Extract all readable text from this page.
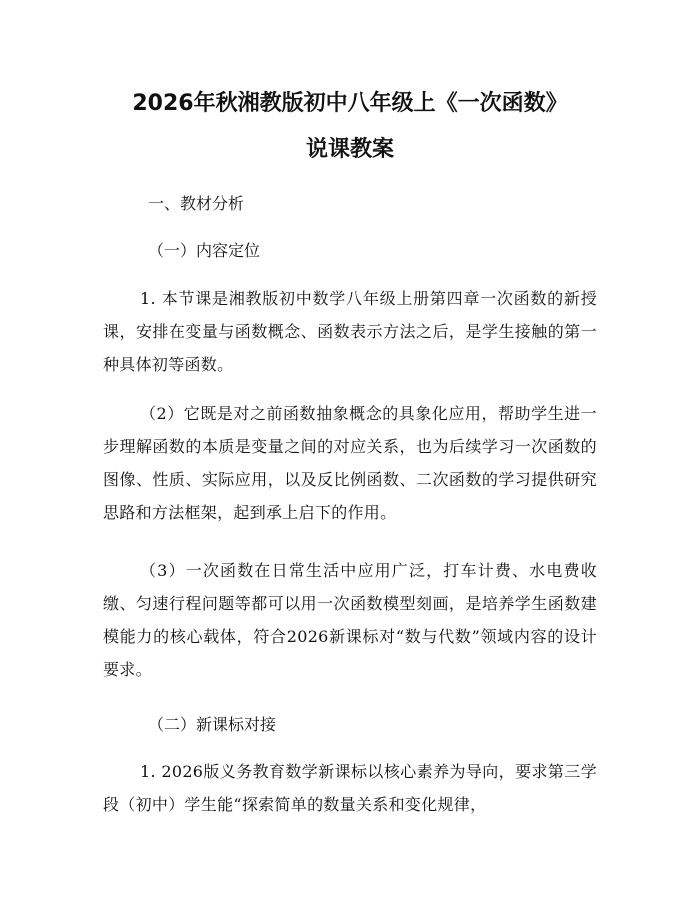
2026年秋湘教版初中八年级上《一次函数》
说课教案

一、教材分析

（一）内容定位

1. 本节课是湘教版初中数学八年级上册第四章一次函数的新授课，安排在变量与函数概念、函数表示方法之后，是学生接触的第一种具体初等函数。

（2）它既是对之前函数抽象概念的具象化应用，帮助学生进一步理解函数的本质是变量之间的对应关系，也为后续学习一次函数的图像、性质、实际应用，以及反比例函数、二次函数的学习提供研究思路和方法框架，起到承上启下的作用。

（3）一次函数在日常生活中应用广泛，打车计费、水电费收缴、匀速行程问题等都可以用一次函数模型刻画，是培养学生函数建模能力的核心载体，符合2026新课标对“数与代数”领域内容的设计要求。

（二）新课标对接

1. 2026版义务教育数学新课标以核心素养为导向，要求第三学段（初中）学生能“探索简单的数量关系和变化规律，
